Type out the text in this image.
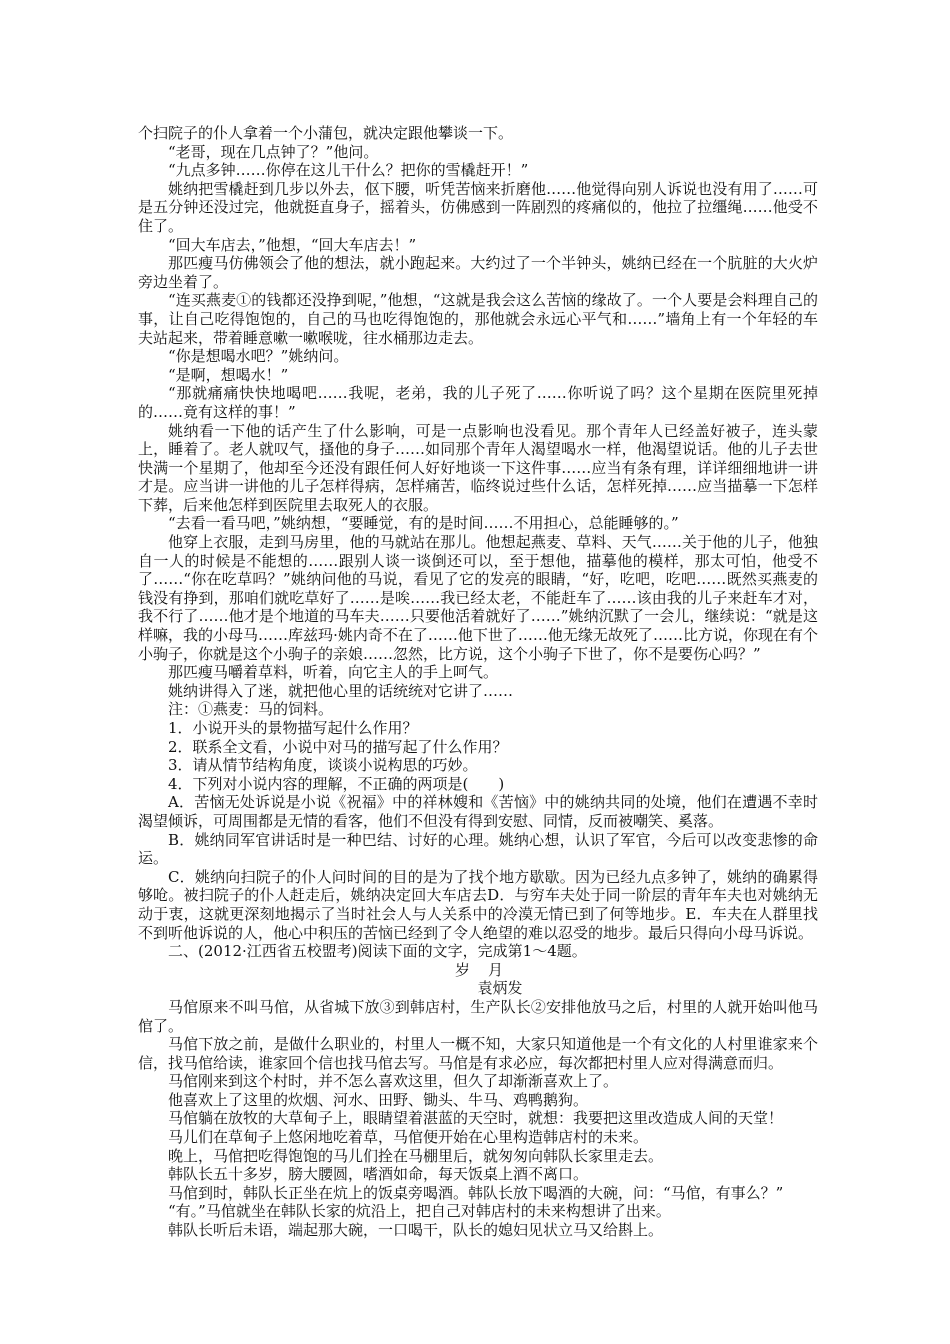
个扫院子的仆人拿着一个小蒲包，就决定跟他攀谈一下。

“老哥，现在几点钟了？”他问。

“九点多钟……你停在这儿干什么？把你的雪橇赶开！”

姚纳把雪橇赶到几步以外去，伛下腰，听凭苦恼来折磨他……他觉得向别人诉说也没有用了……可是五分钟还没过完，他就挺直身子，摇着头，仿佛感到一阵剧烈的疼痛似的，他拉了拉缰绳……他受不住了。

“回大车店去，”他想，“回大车店去！”

那匹瘦马仿佛领会了他的想法，就小跑起来。大约过了一个半钟头，姚纳已经在一个肮脏的大火炉旁边坐着了。

“连买燕麦①的钱都还没挣到呢，”他想，“这就是我会这么苦恼的缘故了。一个人要是会料理自己的事，让自己吃得饱饱的，自己的马也吃得饱饱的，那他就会永远心平气和……”墙角上有一个年轻的车夫站起来，带着睡意嗽一嗽喉咙，往水桶那边走去。

“你是想喝水吧？”姚纳问。

“是啊，想喝水！”

“那就痛痛快快地喝吧……我呢，老弟，我的儿子死了……你听说了吗？这个星期在医院里死掉的……竟有这样的事！”

姚纳看一下他的话产生了什么影响，可是一点影响也没看见。那个青年人已经盖好被子，连头蒙上，睡着了。老人就叹气，搔他的身子……如同那个青年人渴望喝水一样，他渴望说话。他的儿子去世快满一个星期了，他却至今还没有跟任何人好好地谈一下这件事……应当有条有理，详详细细地讲一讲才是。应当讲一讲他的儿子怎样得病，怎样痛苦，临终说过些什么话，怎样死掉……应当描摹一下怎样下葬，后来他怎样到医院里去取死人的衣服。

“去看一看马吧，”姚纳想，“要睡觉，有的是时间……不用担心，总能睡够的。”

他穿上衣服，走到马房里，他的马就站在那儿。他想起燕麦、草料、天气……关于他的儿子，他独自一人的时候是不能想的……跟别人谈一谈倒还可以，至于想他，描摹他的模样，那太可怕，他受不了……“你在吃草吗？”姚纳问他的马说，看见了它的发亮的眼睛，“好，吃吧，吃吧……既然买燕麦的钱没有挣到，那咱们就吃草好了……是唉……我已经太老，不能赶车了……该由我的儿子来赶车才对，我不行了……他才是个地道的马车夫……只要他活着就好了……”姚纳沉默了一会儿，继续说：“就是这样嘛，我的小母马……库兹玛·姚内奇不在了……他下世了……他无缘无故死了……比方说，你现在有个小驹子，你就是这个小驹子的亲娘……忽然，比方说，这个小驹子下世了，你不是要伤心吗？”

那匹瘦马嚼着草料，听着，向它主人的手上呵气。

姚纳讲得入了迷，就把他心里的话统统对它讲了……

注：①燕麦：马的饲料。

1．小说开头的景物描写起什么作用？

2．联系全文看，小说中对马的描写起了什么作用？

3．请从情节结构角度，谈谈小说构思的巧妙。

4．下列对小说内容的理解，不正确的两项是(　　)

A．苦恼无处诉说是小说《祝福》中的祥林嫂和《苦恼》中的姚纳共同的处境，他们在遭遇不幸时渴望倾诉，可周围都是无情的看客，他们不但没有得到安慰、同情，反而被嘲笑、奚落。

B．姚纳同军官讲话时是一种巴结、讨好的心理。姚纳心想，认识了军官，今后可以改变悲惨的命运。

C．姚纳向扫院子的仆人问时间的目的是为了找个地方歇歇。因为已经九点多钟了，姚纳的确累得够呛。被扫院子的仆人赶走后，姚纳决定回大车店去D．与穷车夫处于同一阶层的青年车夫也对姚纳无动于衷，这就更深刻地揭示了当时社会人与人关系中的冷漠无情已到了何等地步。E．车夫在人群里找不到听他诉说的人，他心中积压的苦恼已经到了令人绝望的难以忍受的地步。最后只得向小母马诉说。

二、(2012·江西省五校盟考)阅读下面的文字，完成第1～4题。

岁月

袁炳发

马倌原来不叫马倌，从省城下放③到韩店村，生产队长②安排他放马之后，村里的人就开始叫他马倌了。

马倌下放之前，是做什么职业的，村里人一概不知，大家只知道他是一个有文化的人村里谁家来个信，找马倌给读，谁家回个信也找马倌去写。马倌是有求必应，每次都把村里人应对得满意而归。

马倌刚来到这个村时，并不怎么喜欢这里，但久了却渐渐喜欢上了。

他喜欢上了这里的炊烟、河水、田野、锄头、牛马、鸡鸭鹅狗。

马倌躺在放牧的大草甸子上，眼睛望着湛蓝的天空时，就想：我要把这里改造成人间的天堂！

马儿们在草甸子上悠闲地吃着草，马倌便开始在心里构造韩店村的未来。

晚上，马倌把吃得饱饱的马儿们拴在马棚里后，就匆匆向韩队长家里走去。

韩队长五十多岁，膀大腰圆，嗜酒如命，每天饭桌上酒不离口。

马倌到时，韩队长正坐在炕上的饭桌旁喝酒。韩队长放下喝酒的大碗，问：“马倌，有事么？”

“有。”马倌就坐在韩队长家的炕沿上，把自己对韩店村的未来构想讲了出来。

韩队长听后未语，端起那大碗，一口喝干，队长的媳妇见状立马又给斟上。
